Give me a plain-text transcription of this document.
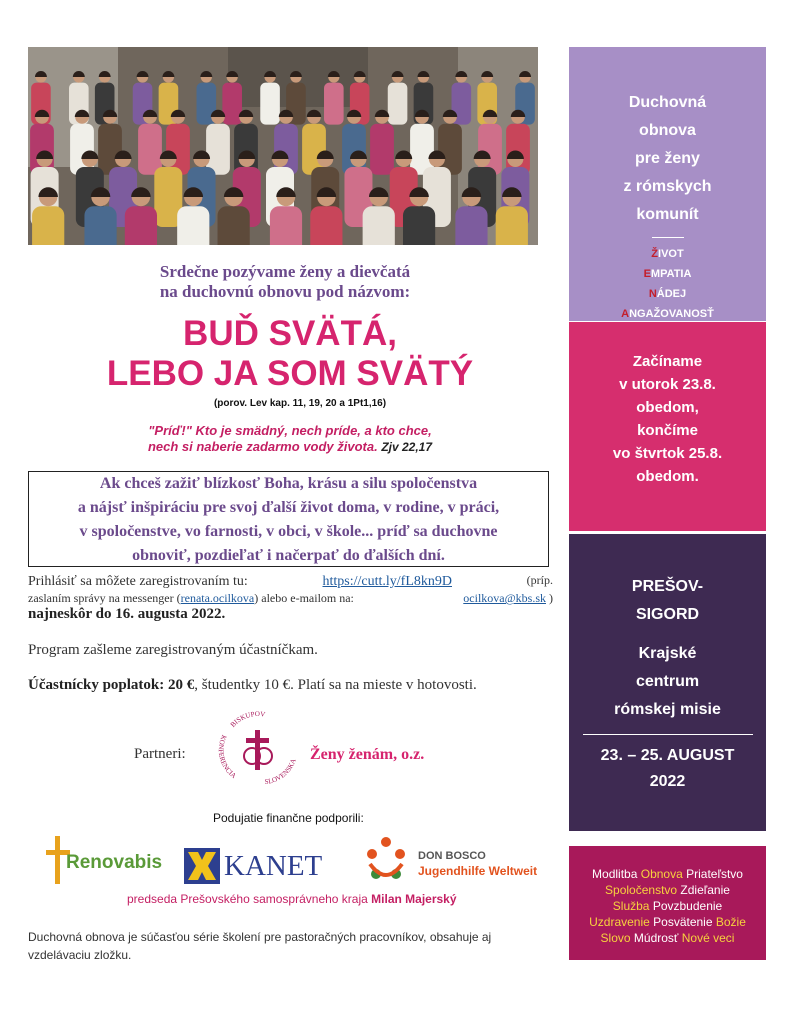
Srdečne pozývame ženy a dievčatá
na duchovnú obnovu pod názvom:
BUĎ SVÄTÁ,
LEBO JA SOM SVÄTÝ
(porov. Lev kap. 11, 19, 20 a 1Pt1,16)
"Príď!" Kto je smädný, nech príde, a kto chce,
nech si naberie zadarmo vody života. Zjv 22,17
Ak chceš zažiť blízkosť Boha, krásu a silu spoločenstva
a nájsť inšpiráciu pre svoj ďalší život doma, v rodine, v práci,
v spoločenstve, vo farnosti, v obci, v škole... príď sa duchovne
obnoviť, pozdieľať i načerpať do ďalších dní.
Prihlásiť sa môžete zaregistrovaním tu:	https://cutt.ly/fL8kn9D	(príp.
zaslaním správy na messenger (renata.ocilkova) alebo e-mailom na:	ocilkova@kbs.sk )
najneskôr do 16. augusta 2022.
Program zašleme zaregistrovaným účastníčkam.
Účastnícky poplatok: 20 €, študentky 10 €. Platí sa na mieste v hotovosti.
Partneri:
BISKUPOV
KONFERENCIA
SLOVENSKA Ženy ženám, o.z.
Podujatie finančne podporili:
Renovabis KANET	DON BOSCO
Jugendhilfe Weltweit
predseda Prešovského samosprávneho kraja Milan Majerský
Duchovná obnova je súčasťou série školení pre pastoračných pracovníkov, obsahuje aj
vzdelávaciu zložku.
Duchovná
obnova
pre ženy
z rómskych
komunít
ŽIVOT
EMPATIA
NÁDEJ
ANGAŽOVANOSŤ
Začíname
v utorok 23.8.
obedom,
končíme
vo štvrtok 25.8.
obedom.
PREŠOV-
SIGORD
Krajské
centrum
rómskej misie
23. – 25. AUGUST
2022
Modlitba Obnova Priateľstvo
Spoločenstvo Zdieľanie
Služba Povzbudenie
Uzdravenie Posvätenie Božie
Slovo Múdrosť Nové veci
